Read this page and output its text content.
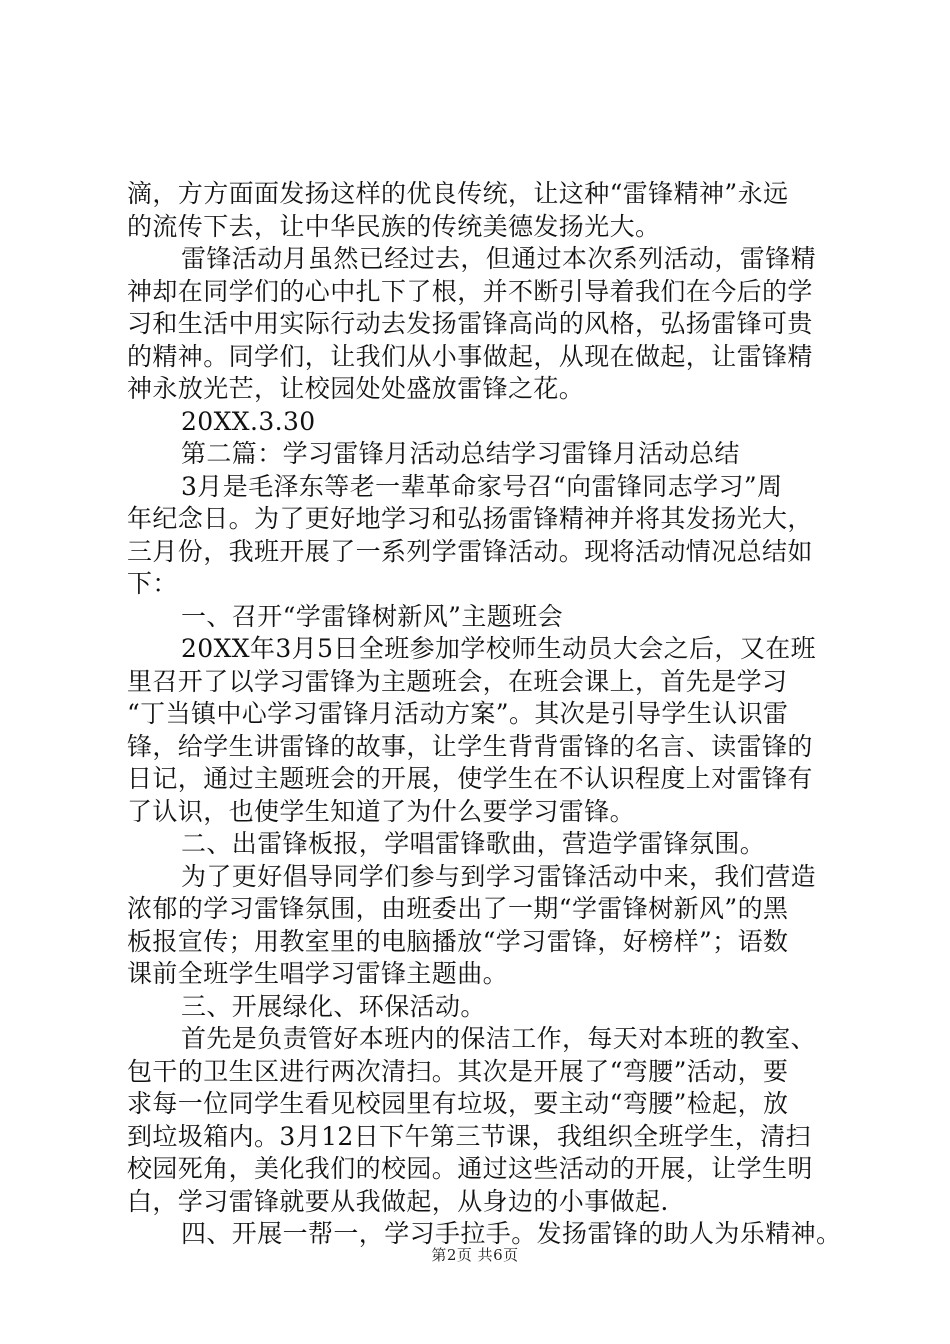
滴，方方面面发扬这样的优良传统，让这种“雷锋精神”永远
的流传下去，让中华民族的传统美德发扬光大。
雷锋活动月虽然已经过去，但通过本次系列活动，雷锋精
神却在同学们的心中扎下了根，并不断引导着我们在今后的学
习和生活中用实际行动去发扬雷锋高尚的风格，弘扬雷锋可贵
的精神。同学们，让我们从小事做起，从现在做起，让雷锋精
神永放光芒，让校园处处盛放雷锋之花。
20XX.3.30
第二篇：学习雷锋月活动总结学习雷锋月活动总结
3月是毛泽东等老一辈革命家号召“向雷锋同志学习”周
年纪念日。为了更好地学习和弘扬雷锋精神并将其发扬光大，
三月份，我班开展了一系列学雷锋活动。现将活动情况总结如
下：
一、召开“学雷锋树新风”主题班会
20XX年3月5日全班参加学校师生动员大会之后，又在班
里召开了以学习雷锋为主题班会，在班会课上，首先是学习
“丁当镇中心学习雷锋月活动方案”。其次是引导学生认识雷
锋，给学生讲雷锋的故事，让学生背背雷锋的名言、读雷锋的
日记，通过主题班会的开展，使学生在不认识程度上对雷锋有
了认识，也使学生知道了为什么要学习雷锋。
二、出雷锋板报，学唱雷锋歌曲，营造学雷锋氛围。
为了更好倡导同学们参与到学习雷锋活动中来，我们营造
浓郁的学习雷锋氛围，由班委出了一期“学雷锋树新风”的黑
板报宣传；用教室里的电脑播放“学习雷锋，好榜样”；语数
课前全班学生唱学习雷锋主题曲。
三、开展绿化、环保活动。
首先是负责管好本班内的保洁工作，每天对本班的教室、
包干的卫生区进行两次清扫。其次是开展了“弯腰”活动，要
求每一位同学生看见校园里有垃圾，要主动“弯腰”检起，放
到垃圾箱内。3月12日下午第三节课，我组织全班学生，清扫
校园死角，美化我们的校园。通过这些活动的开展，让学生明
白，学习雷锋就要从我做起，从身边的小事做起.
四、开展一帮一，学习手拉手。发扬雷锋的助人为乐精神。
第2页 共6页
